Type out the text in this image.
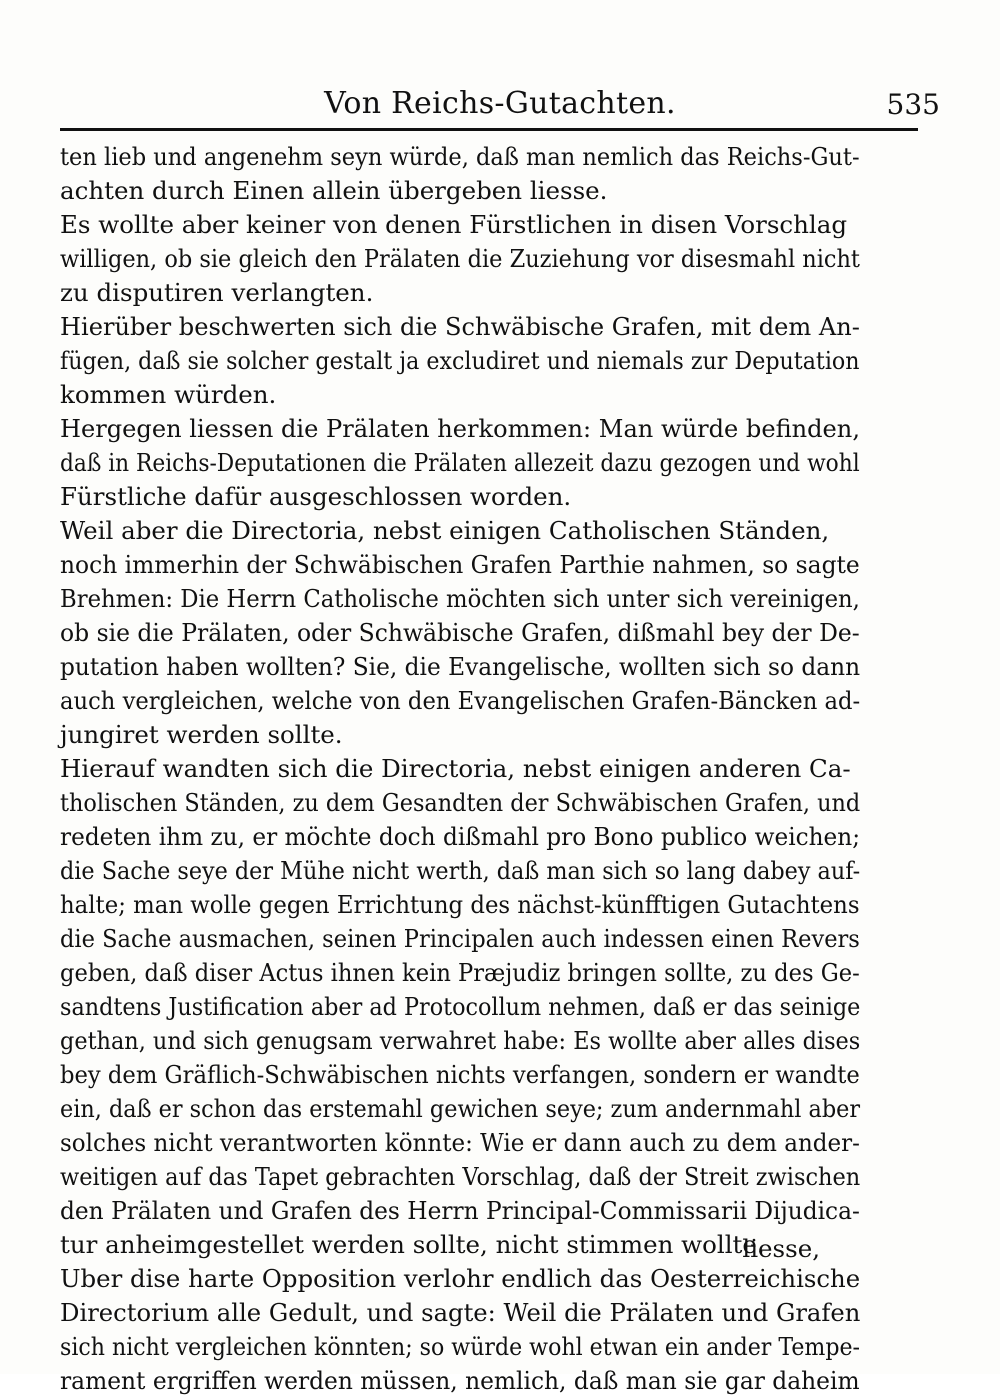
Von Reichs-Gutachten.	535
ten lieb und angenehm seyn würde, daß man nemlich das Reichs-Gut-
achten durch Einen allein übergeben liesse.
Es wollte aber keiner von denen Fürstlichen in disen Vorschlag
willigen, ob sie gleich den Prälaten die Zuziehung vor disesmahl nicht
zu disputiren verlangten.
Hierüber beschwerten sich die Schwäbische Grafen, mit dem An-
fügen, daß sie solcher gestalt ja excludiret und niemals zur Deputation
kommen würden.
Hergegen liessen die Prälaten herkommen: Man würde befinden,
daß in Reichs-Deputationen die Prälaten allezeit dazu gezogen und wohl
Fürstliche dafür ausgeschlossen worden.
Weil aber die Directoria, nebst einigen Catholischen Ständen,
noch immerhin der Schwäbischen Grafen Parthie nahmen, so sagte
Brehmen: Die Herrn Catholische möchten sich unter sich vereinigen,
ob sie die Prälaten, oder Schwäbische Grafen, dißmahl bey der De-
putation haben wollten? Sie, die Evangelische, wollten sich so dann
auch vergleichen, welche von den Evangelischen Grafen-Bäncken ad-
jungiret werden sollte.
Hierauf wandten sich die Directoria, nebst einigen anderen Ca-
tholischen Ständen, zu dem Gesandten der Schwäbischen Grafen, und
redeten ihm zu, er möchte doch dißmahl pro Bono publico weichen;
die Sache seye der Mühe nicht werth, daß man sich so lang dabey auf-
halte; man wolle gegen Errichtung des nächst-künfftigen Gutachtens
die Sache ausmachen, seinen Principalen auch indessen einen Revers
geben, daß diser Actus ihnen kein Præjudiz bringen sollte, zu des Ge-
sandtens Justification aber ad Protocollum nehmen, daß er das seinige
gethan, und sich genugsam verwahret habe: Es wollte aber alles dises
bey dem Gräflich-Schwäbischen nichts verfangen, sondern er wandte
ein, daß er schon das erstemahl gewichen seye; zum andernmahl aber
solches nicht verantworten könnte: Wie er dann auch zu dem ander-
weitigen auf das Tapet gebrachten Vorschlag, daß der Streit zwischen
den Prälaten und Grafen des Herrn Principal-Commissarii Dijudica-
tur anheimgestellet werden sollte, nicht stimmen wollte.
Uber dise harte Opposition verlohr endlich das Oesterreichische
Directorium alle Gedult, und sagte: Weil die Prälaten und Grafen
sich nicht vergleichen könnten; so würde wohl etwan ein ander Tempe-
rament ergriffen werden müssen, nemlich, daß man sie gar daheim
liesse,
